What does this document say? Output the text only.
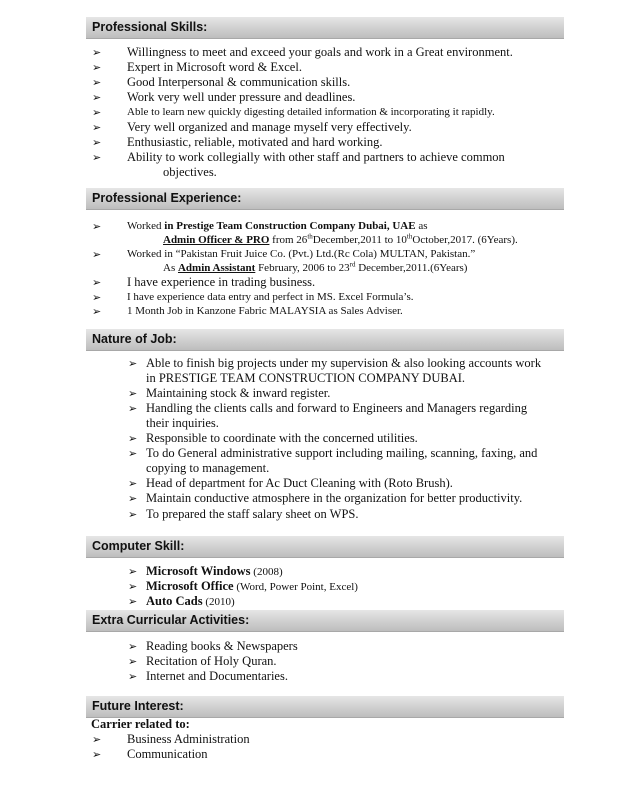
Professional Skills:
➢ Willingness to meet and exceed your goals and work in a Great environment.
➢ Expert in Microsoft word & Excel.
➢ Good Interpersonal & communication skills.
➢ Work very well under pressure and deadlines.
➢ Able to learn new quickly digesting detailed information & incorporating it rapidly.
➢ Very well organized and manage myself very effectively.
➢ Enthusiastic, reliable, motivated and hard working.
➢ Ability to work collegially with other staff and partners to achieve common
objectives.
Professional Experience:
➢ Worked in Prestige Team Construction Company Dubai, UAE as
Admin Officer & PRO from 26thDecember,2011 to 10thOctober,2017. (6Years).
➢ Worked in “Pakistan Fruit Juice Co. (Pvt.) Ltd.(Rc Cola) MULTAN, Pakistan.”
As Admin Assistant February, 2006 to 23rd December,2011.(6Years)
➢ I have experience in trading business.
➢ I have experience data entry and perfect in MS. Excel Formula’s.
➢ 1 Month Job in Kanzone Fabric MALAYSIA as Sales Adviser.
Nature of Job:
➢ Able to finish big projects under my supervision & also looking accounts work
in PRESTIGE TEAM CONSTRUCTION COMPANY DUBAI.
➢ Maintaining stock & inward register.
➢ Handling the clients calls and forward to Engineers and Managers regarding
their inquiries.
➢ Responsible to coordinate with the concerned utilities.
➢ To do General administrative support including mailing, scanning, faxing, and
copying to management.
➢ Head of department for Ac Duct Cleaning with (Roto Brush).
➢ Maintain conductive atmosphere in the organization for better productivity.
➢ To prepared the staff salary sheet on WPS.
Computer Skill:
➢ Microsoft Windows (2008)
➢ Microsoft Office (Word, Power Point, Excel)
➢ Auto Cads (2010)
Extra Curricular Activities:
➢ Reading books & Newspapers
➢ Recitation of Holy Quran.
➢ Internet and Documentaries.
Future Interest:
Carrier related to:
➢ Business Administration
➢ Communication
